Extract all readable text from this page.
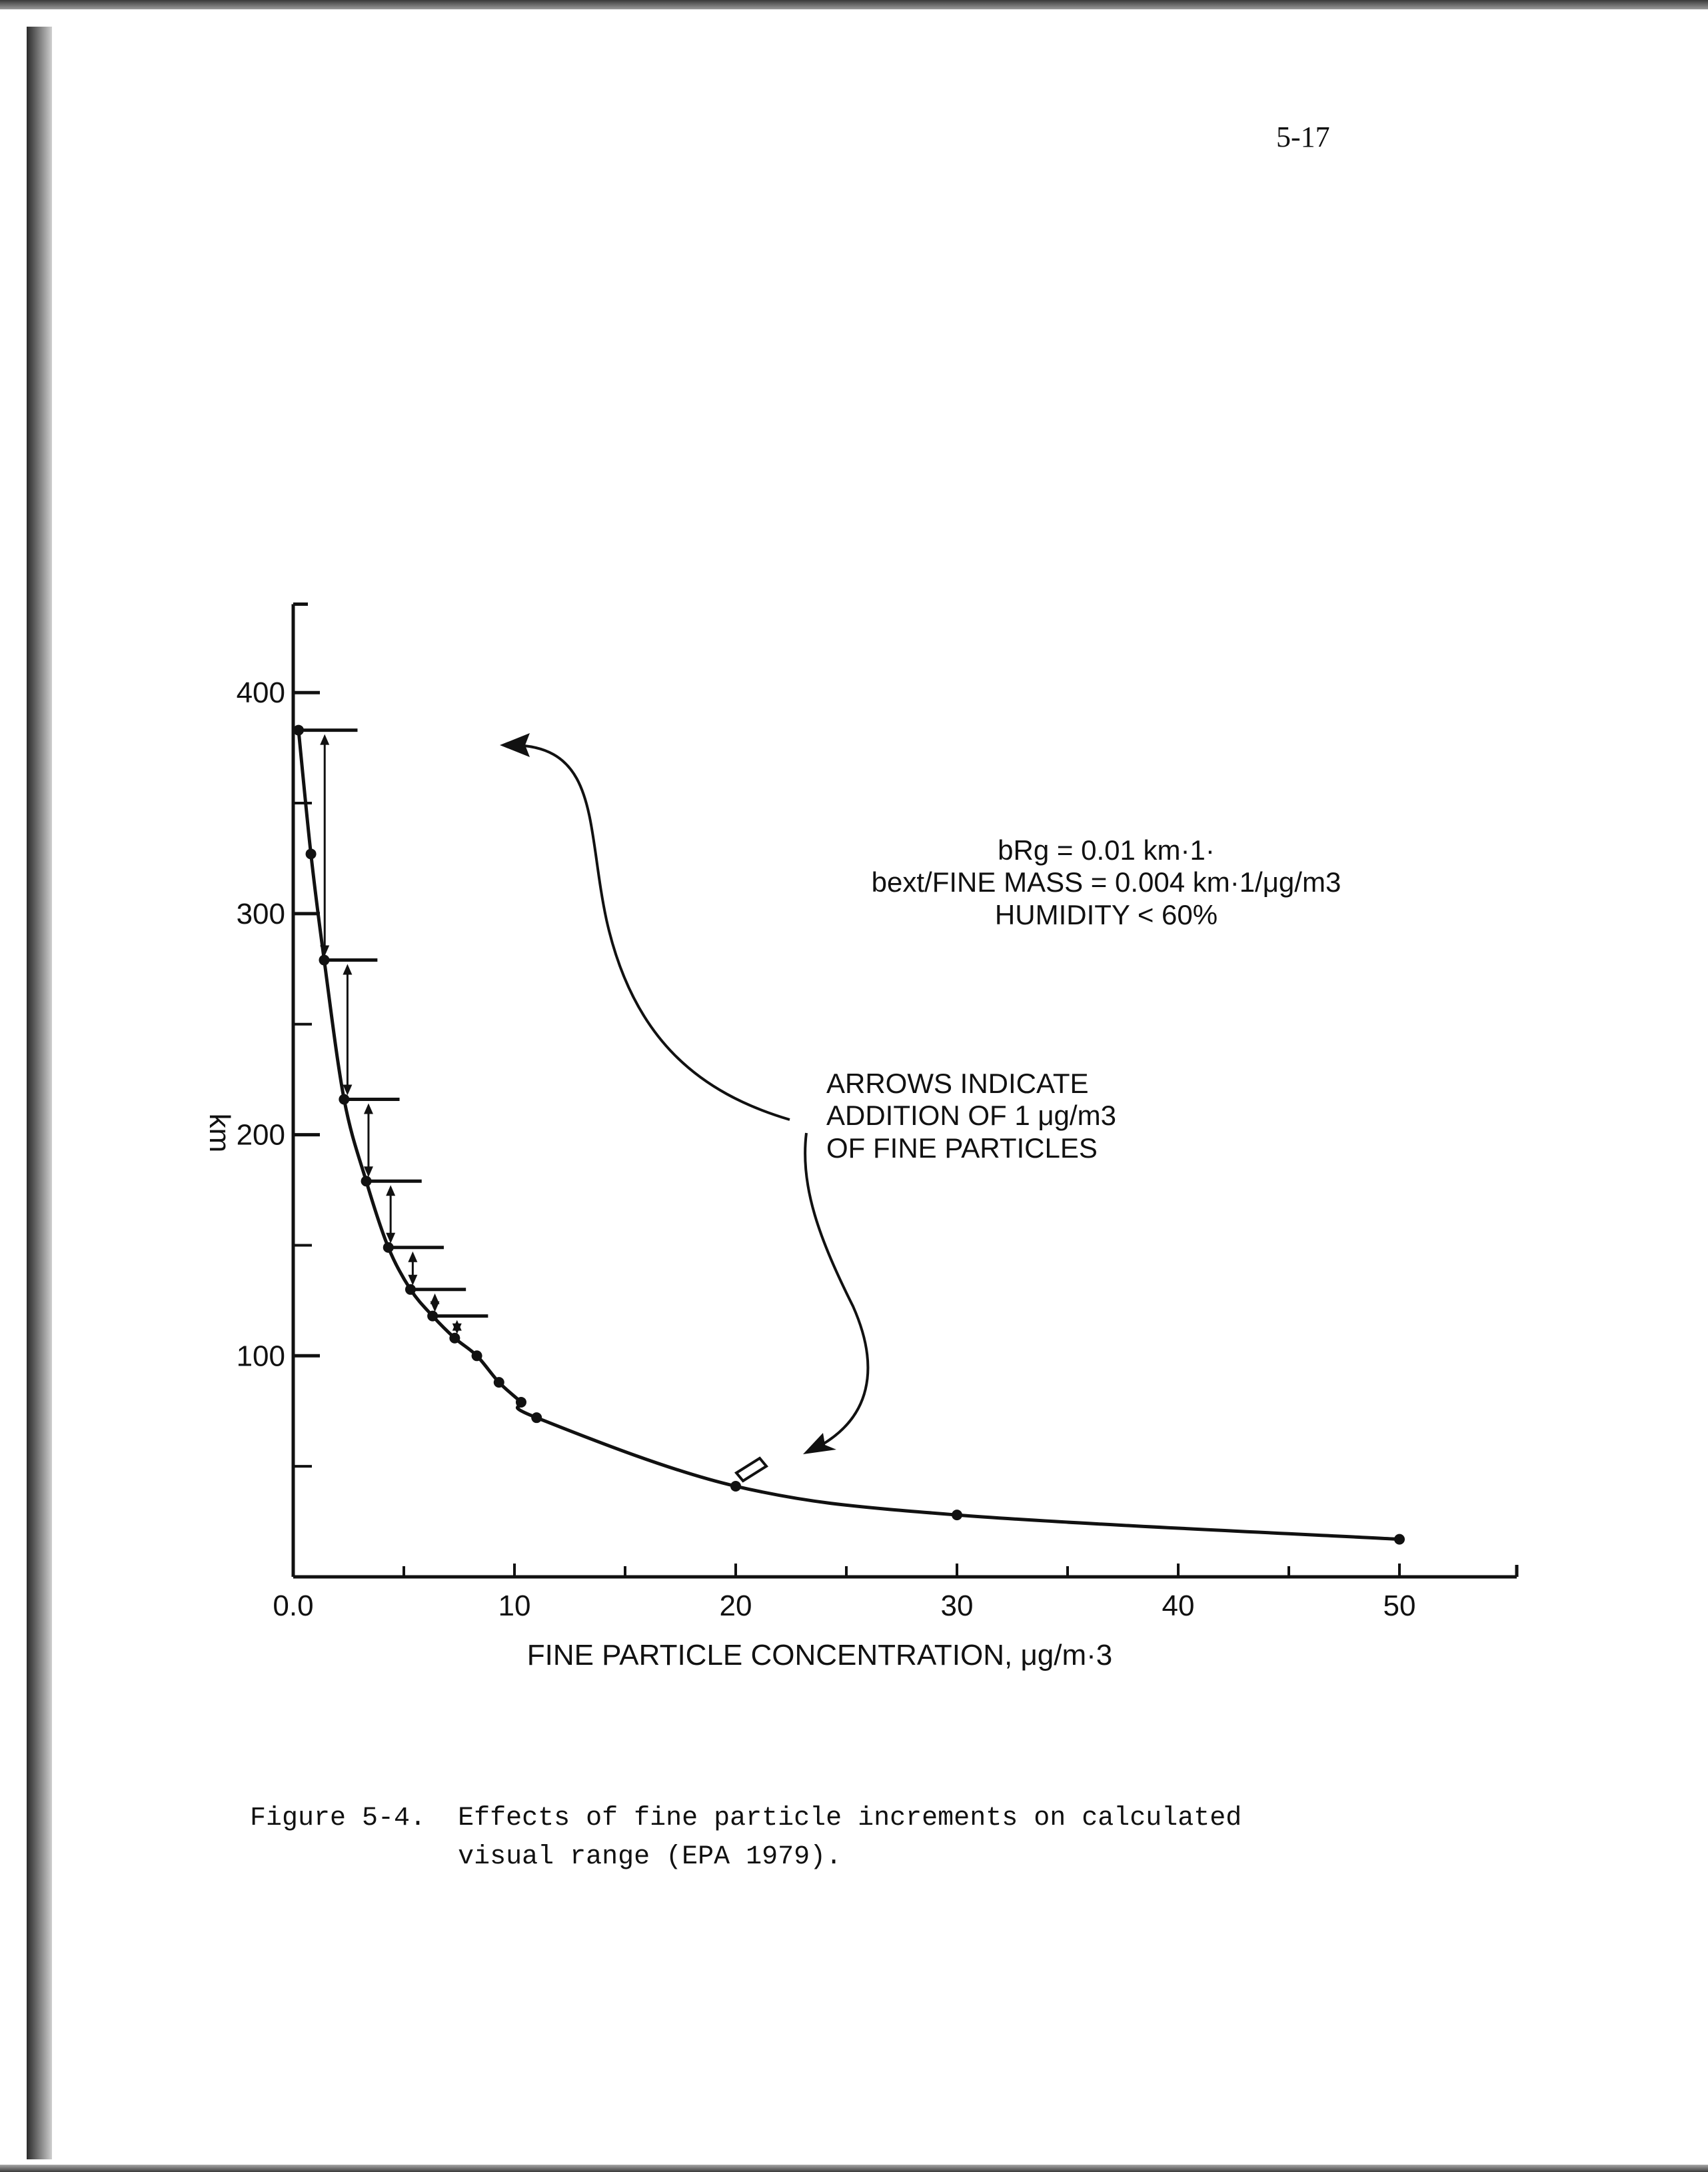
5-17
100
200
300
400
0.0	10	20	30	40	50
km
FINE PARTICLE CONCENTRATION, μg/m·3
bRg = 0.01 km·1·
bext/FINE MASS = 0.004 km·1/μg/m3
HUMIDITY < 60%
ARROWS INDICATE
ADDITION OF 1 μg/m3
OF FINE PARTICLES
Figure 5-4. Effects of fine particle increments on calculated
visual range (EPA 1979).
